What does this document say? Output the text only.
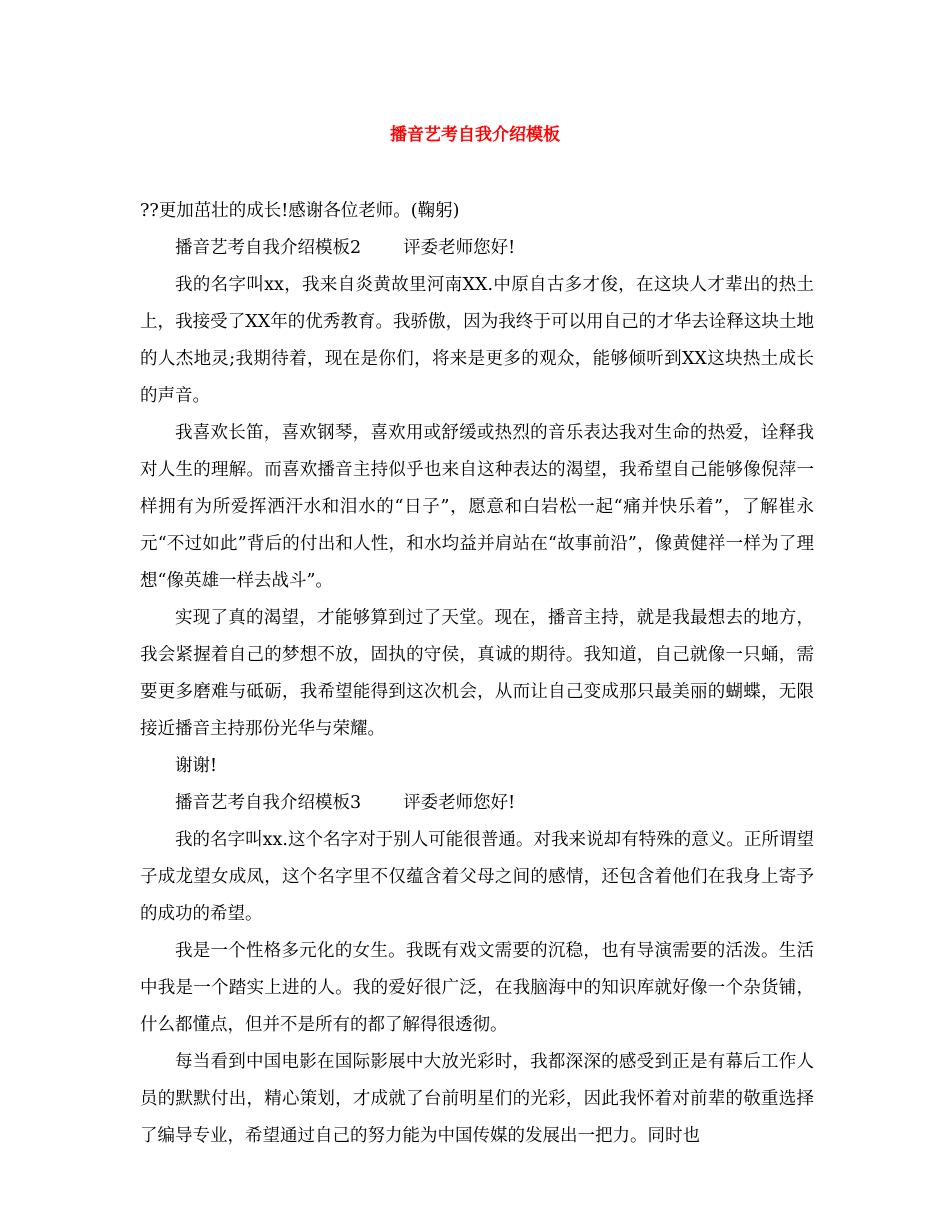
播音艺考自我介绍模板

??更加茁壮的成长!感谢各位老师。(鞠躬)

播音艺考自我介绍模板2 评委老师您好!

我的名字叫xx，我来自炎黄故里河南XX.中原自古多才俊，在这块人才辈出的热土上，我接受了XX年的优秀教育。我骄傲，因为我终于可以用自己的才华去诠释这块土地的人杰地灵;我期待着，现在是你们，将来是更多的观众，能够倾听到XX这块热土成长的声音。

我喜欢长笛，喜欢钢琴，喜欢用或舒缓或热烈的音乐表达我对生命的热爱，诠释我对人生的理解。而喜欢播音主持似乎也来自这种表达的渴望，我希望自己能够像倪萍一样拥有为所爱挥洒汗水和泪水的“日子”，愿意和白岩松一起“痛并快乐着”，了解崔永元“不过如此”背后的付出和人性，和水均益并肩站在“故事前沿”，像黄健祥一样为了理想“像英雄一样去战斗”。

实现了真的渴望，才能够算到过了天堂。现在，播音主持，就是我最想去的地方，我会紧握着自己的梦想不放，固执的守侯，真诚的期待。我知道，自己就像一只蛹，需要更多磨难与砥砺，我希望能得到这次机会，从而让自己变成那只最美丽的蝴蝶，无限接近播音主持那份光华与荣耀。

谢谢!

播音艺考自我介绍模板3 评委老师您好!

我的名字叫xx.这个名字对于别人可能很普通。对我来说却有特殊的意义。正所谓望子成龙望女成凤，这个名字里不仅蕴含着父母之间的感情，还包含着他们在我身上寄予的成功的希望。

我是一个性格多元化的女生。我既有戏文需要的沉稳，也有导演需要的活泼。生活中我是一个踏实上进的人。我的爱好很广泛，在我脑海中的知识库就好像一个杂货铺，什么都懂点，但并不是所有的都了解得很透彻。

每当看到中国电影在国际影展中大放光彩时，我都深深的感受到正是有幕后工作人员的默默付出，精心策划，才成就了台前明星们的光彩，因此我怀着对前辈的敬重选择了编导专业，希望通过自己的努力能为中国传媒的发展出一把力。同时也
